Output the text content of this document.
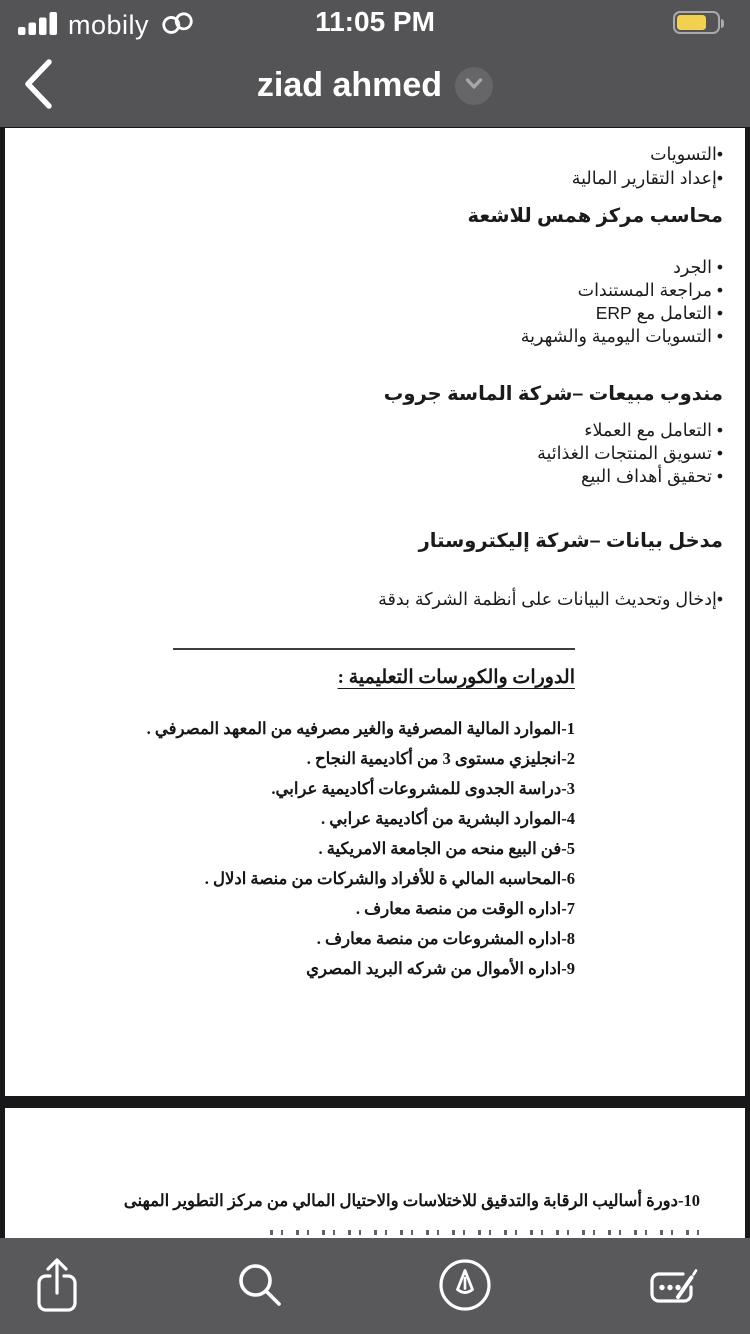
mobily	11:05 PM
ziad ahmed
•التسويات
•إعداد التقارير المالية
محاسب مركز همس للاشعة
• الجرد
• مراجعة المستندات
• التعامل مع ERP
• التسويات اليومية والشهرية
مندوب مبيعات –شركة الماسة جروب
• التعامل مع العملاء
• تسويق المنتجات الغذائية
• تحقيق أهداف البيع
مدخل بيانات –شركة إليكتروستار
•إدخال وتحديث البيانات على أنظمة الشركة بدقة
الدورات والكورسات التعليمية :
1-الموارد المالية المصرفية والغير مصرفيه من المعهد المصرفي .
2-انجليزي مستوى 3 من أكاديمية النجاح .
3-دراسة الجدوى للمشروعات أكاديمية عرابي.
4-الموارد البشرية من أكاديمية عرابي .
5-فن البيع منحه من الجامعة الامريكية .
6-المحاسبه المالي ة للأفراد والشركات من منصة ادلال .
7-اداره الوقت من منصة معارف .
8-اداره المشروعات من منصة معارف .
9-اداره الأموال من شركه البريد المصري
10-دورة أساليب الرقابة والتدقيق للاختلاسات والاحتيال المالي من مركز التطوير المهنى
